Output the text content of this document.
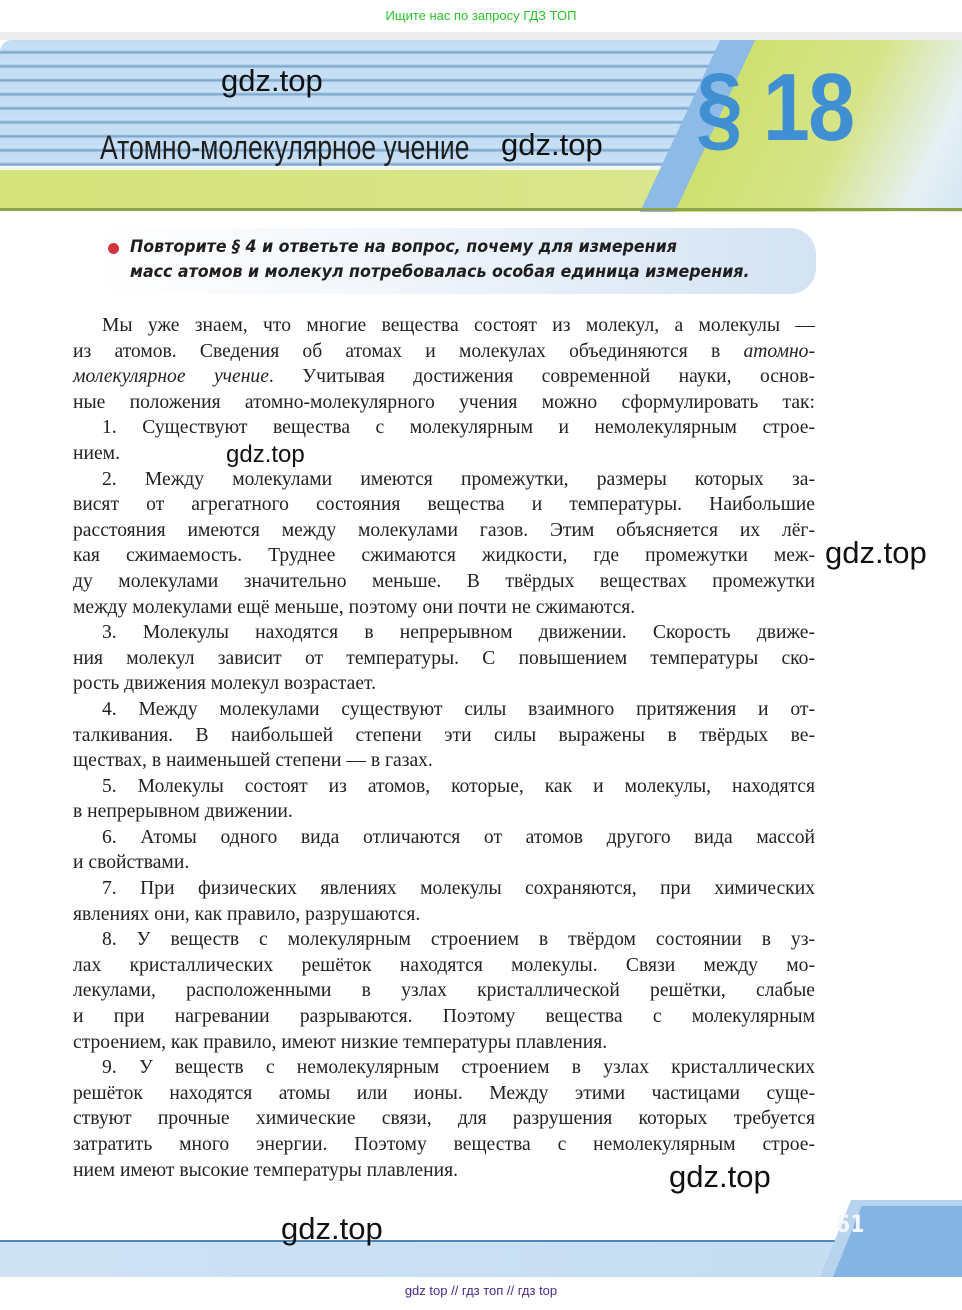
Ищите нас по запросу ГДЗ ТОП
§ 18
Атомно-молекулярное учение
Повторите § 4 и ответьте на вопрос, почему для измерения
масс атомов и молекул потребовалась особая единица измерения.
Мы уже знаем, что многие вещества состоят из молекул, а молекулы —
из атомов. Сведения об атомах и молекулах объединяются в атомно-
молекулярное учение. Учитывая достижения современной науки, основ-
ные положения атомно-молекулярного учения можно сформулировать так:
1. Существуют вещества с молекулярным и немолекулярным строе-
нием.
2. Между молекулами имеются промежутки, размеры которых за-
висят от агрегатного состояния вещества и температуры. Наибольшие
расстояния имеются между молекулами газов. Этим объясняется их лёг-
кая сжимаемость. Труднее сжимаются жидкости, где промежутки меж-
ду молекулами значительно меньше. В твёрдых веществах промежутки
между молекулами ещё меньше, поэтому они почти не сжимаются.
3. Молекулы находятся в непрерывном движении. Скорость движе-
ния молекул зависит от температуры. С повышением температуры ско-
рость движения молекул возрастает.
4. Между молекулами существуют силы взаимного притяжения и от-
талкивания. В наибольшей степени эти силы выражены в твёрдых ве-
ществах, в наименьшей степени — в газах.
5. Молекулы состоят из атомов, которые, как и молекулы, находятся
в непрерывном движении.
6. Атомы одного вида отличаются от атомов другого вида массой
и свойствами.
7. При физических явлениях молекулы сохраняются, при химических
явлениях они, как правило, разрушаются.
8. У веществ с молекулярным строением в твёрдом состоянии в уз-
лах кристаллических решёток находятся молекулы. Связи между мо-
лекулами, расположенными в узлах кристаллической решётки, слабые
и при нагревании разрываются. Поэтому вещества с молекулярным
строением, как правило, имеют низкие температуры плавления.
9. У веществ с немолекулярным строением в узлах кристаллических
решёток находятся атомы или ионы. Между этими частицами суще-
ствуют прочные химические связи, для разрушения которых требуется
затратить много энергии. Поэтому вещества с немолекулярным строе-
нием имеют высокие температуры плавления.
61
gdz top // гдз топ // гдз top
gdz.top
gdz.top
gdz.top
gdz.top
gdz.top
gdz.top
